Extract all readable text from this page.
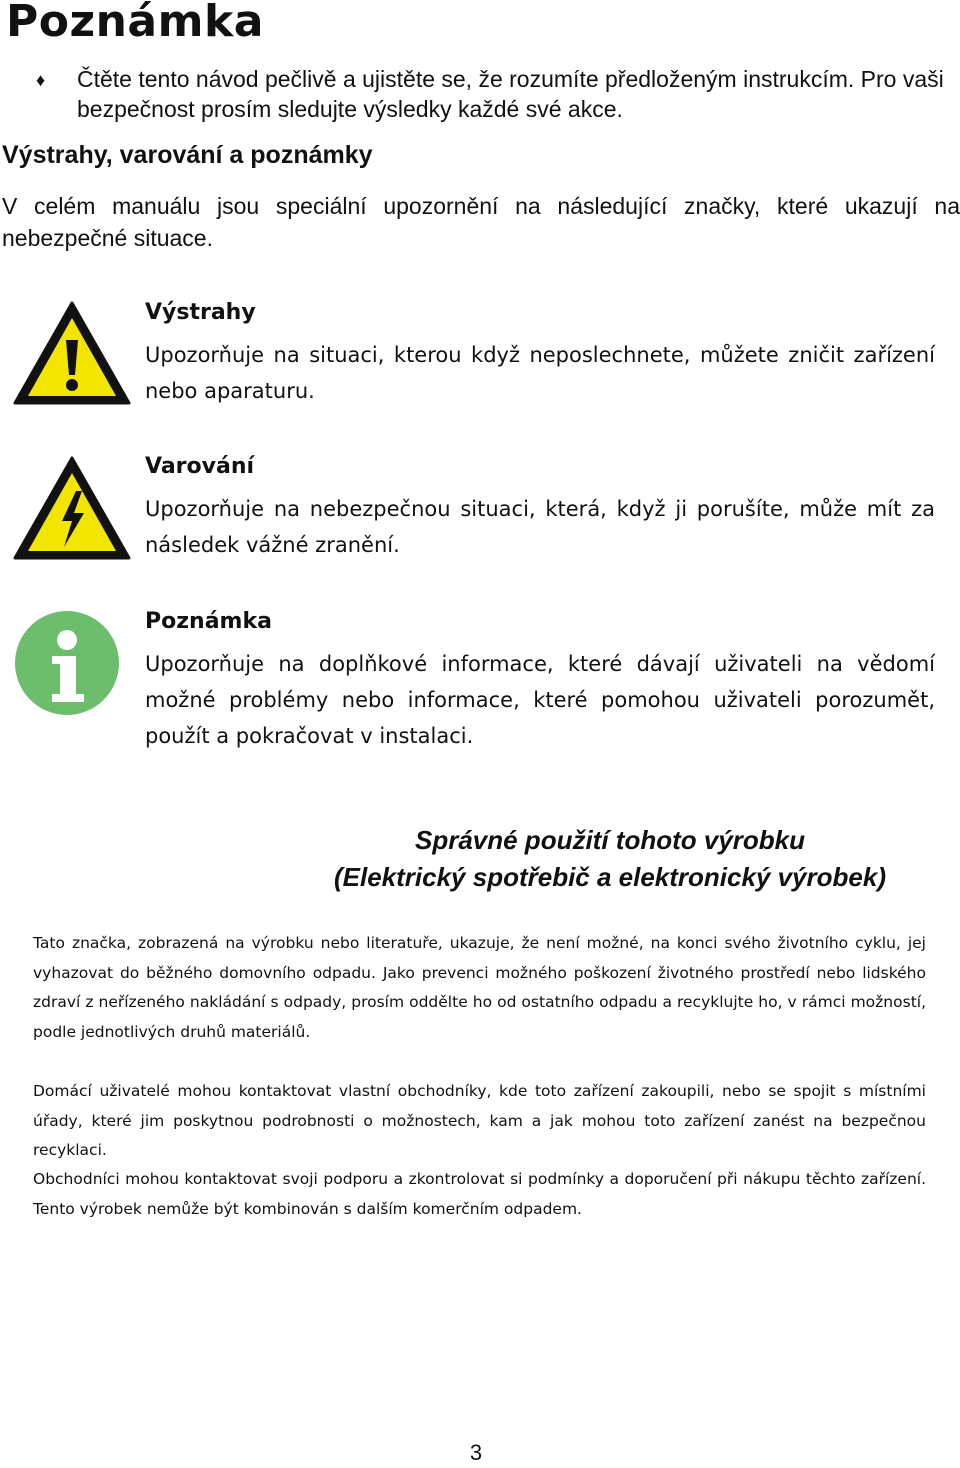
Poznámka
♦ Čtěte tento návod pečlivě a ujistěte se, že rozumíte předloženým instrukcím. Pro vaši bezpečnost prosím sledujte výsledky každé své akce.
Výstrahy, varování a poznámky
V celém manuálu jsou speciální upozornění na následující značky, které ukazují na nebezpečné situace.
Výstrahy
Upozorňuje na situaci, kterou když neposlechnete, můžete zničit zařízení nebo aparaturu.
Varování
Upozorňuje na nebezpečnou situaci, která, když ji porušíte, může mít za následek vážné zranění.
Poznámka
Upozorňuje na doplňkové informace, které dávají uživateli na vědomí možné problémy nebo informace, které pomohou uživateli porozumět, použít a pokračovat v instalaci.
Správné použití tohoto výrobku
(Elektrický spotřebič a elektronický výrobek)
Tato značka, zobrazená na výrobku nebo literatuře, ukazuje, že není možné, na konci svého životního cyklu, jej vyhazovat do běžného domovního odpadu. Jako prevenci možného poškození životného prostředí nebo lidského zdraví z neřízeného nakládání s odpady, prosím oddělte ho od ostatního odpadu a recyklujte ho, v rámci možností, podle jednotlivých druhů materiálů.
Domácí uživatelé mohou kontaktovat vlastní obchodníky, kde toto zařízení zakoupili, nebo se spojit s místními úřady, které jim poskytnou podrobnosti o možnostech, kam a jak mohou toto zařízení zanést na bezpečnou recyklaci.
Obchodníci mohou kontaktovat svoji podporu a zkontrolovat si podmínky a doporučení při nákupu těchto zařízení. Tento výrobek nemůže být kombinován s dalším komerčním odpadem.
3
